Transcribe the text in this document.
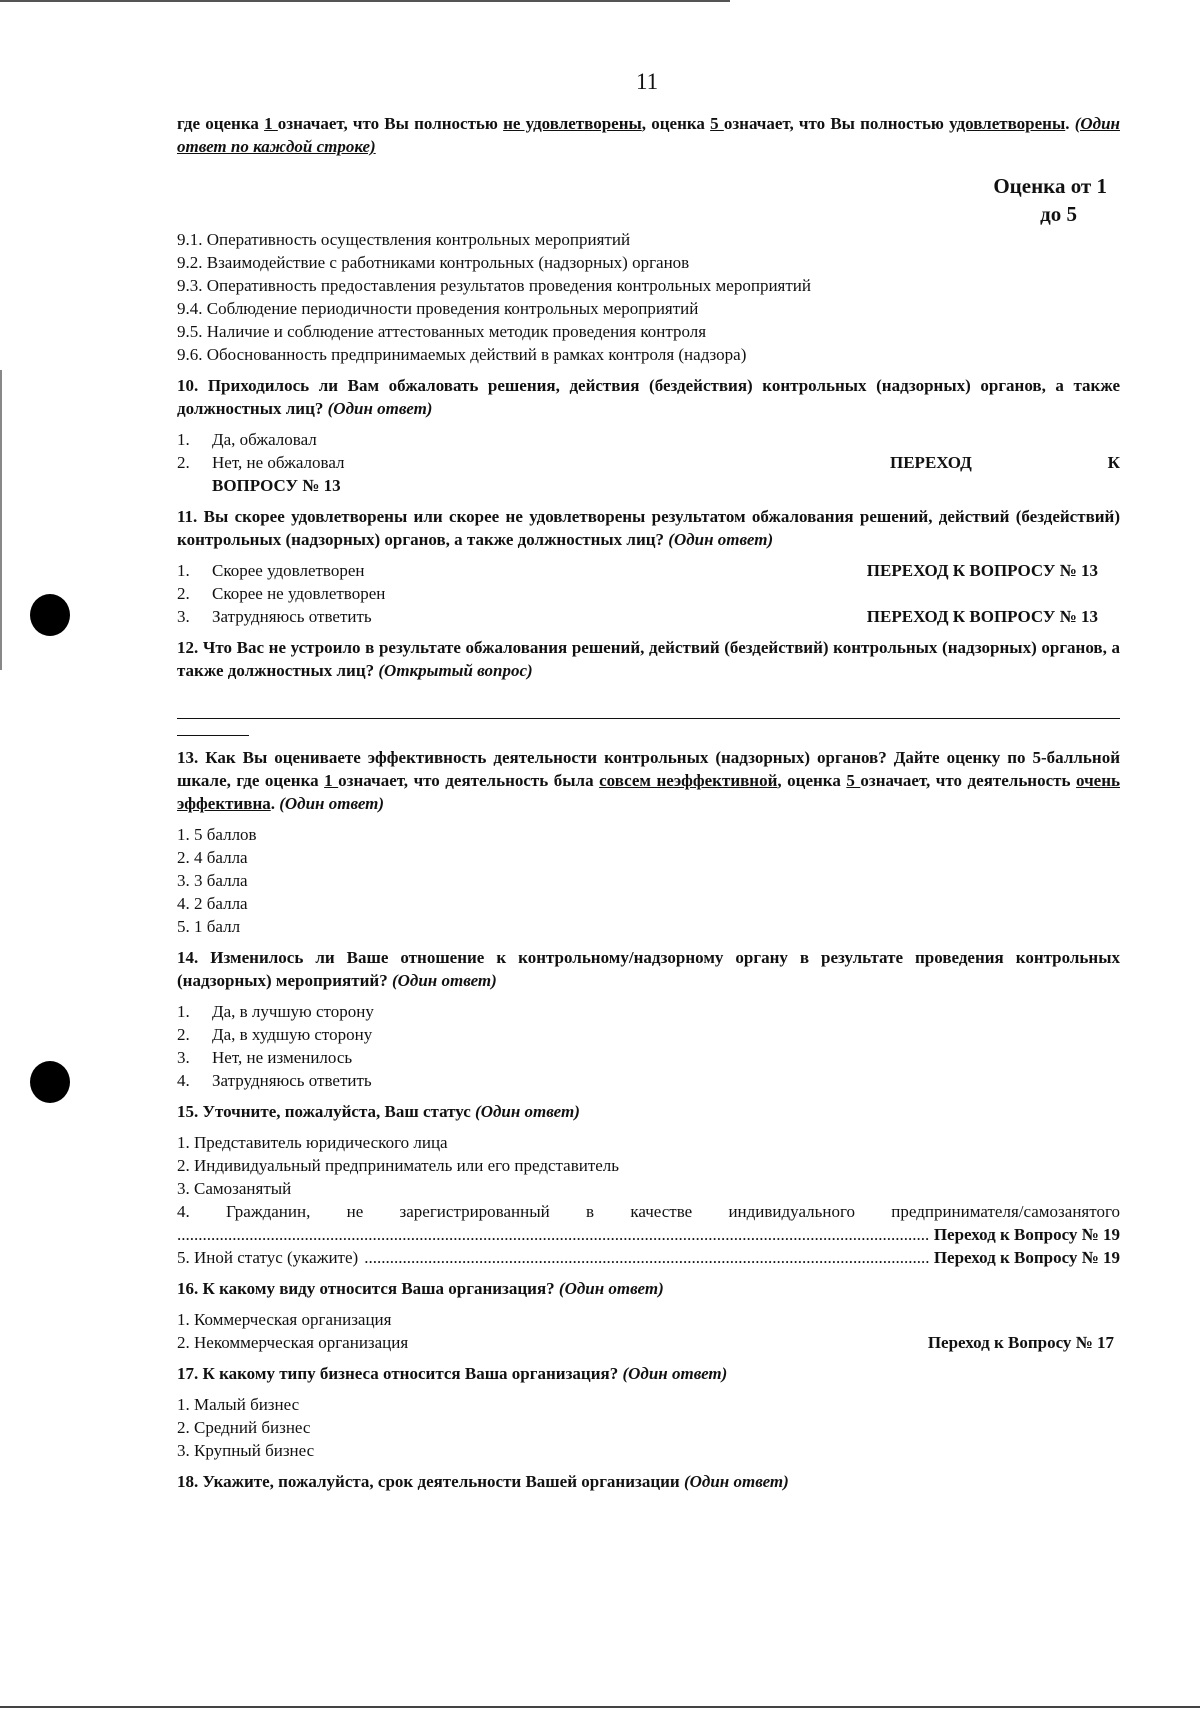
11

где оценка 1 означает, что Вы полностью не удовлетворены, оценка 5 означает, что Вы полностью удовлетворены. (Один ответ по каждой строке)

Оценка от 1
до 5
9.1. Оперативность осуществления контрольных мероприятий
9.2. Взаимодействие с работниками контрольных (надзорных) органов
9.3. Оперативность предоставления результатов проведения контрольных мероприятий
9.4. Соблюдение периодичности проведения контрольных мероприятий
9.5. Наличие и соблюдение аттестованных методик проведения контроля
9.6. Обоснованность предпринимаемых действий в рамках контроля (надзора)

10. Приходилось ли Вам обжаловать решения, действия (бездействия) контрольных (надзорных) органов, а также должностных лиц? (Один ответ)

1.	Да, обжаловал
2.	Нет, не обжаловал	ПЕРЕХОД	К
ВОПРОСУ № 13

11. Вы скорее удовлетворены или скорее не удовлетворены результатом обжалования решений, действий (бездействий) контрольных (надзорных) органов, а также должностных лиц? (Один ответ)

1.	Скорее удовлетворен	ПЕРЕХОД К ВОПРОСУ № 13
2.	Скорее не удовлетворен
3.	Затрудняюсь ответить	ПЕРЕХОД К ВОПРОСУ № 13

12. Что Вас не устроило в результате обжалования решений, действий (бездействий) контрольных (надзорных) органов, а также должностных лиц? (Открытый вопрос)

13. Как Вы оцениваете эффективность деятельности контрольных (надзорных) органов? Дайте оценку по 5-балльной шкале, где оценка 1 означает, что деятельность была совсем неэффективной, оценка 5 означает, что деятельность очень эффективна. (Один ответ)

1. 5 баллов
2. 4 балла
3. 3 балла
4. 2 балла
5. 1 балл

14. Изменилось ли Ваше отношение к контрольному/надзорному органу в результате проведения контрольных (надзорных) мероприятий? (Один ответ)

1.	Да, в лучшую сторону
2.	Да, в худшую сторону
3.	Нет, не изменилось
4.	Затрудняюсь ответить

15. Уточните, пожалуйста, Ваш статус (Один ответ)

1. Представитель юридического лица
2. Индивидуальный предприниматель или его представитель
3. Самозанятый
4. Гражданин, не зарегистрированный в качестве индивидуального предпринимателя/самозанятого
.....
Переход к Вопросу № 19
5. Иной статус (укажите)
.....	Переход к Вопросу № 19

16. К какому виду относится Ваша организация? (Один ответ)

1. Коммерческая организация
2. Некоммерческая организация	Переход к Вопросу № 17

17. К какому типу бизнеса относится Ваша организация? (Один ответ)

1. Малый бизнес
2. Средний бизнес
3. Крупный бизнес

18. Укажите, пожалуйста, срок деятельности Вашей организации (Один ответ)
